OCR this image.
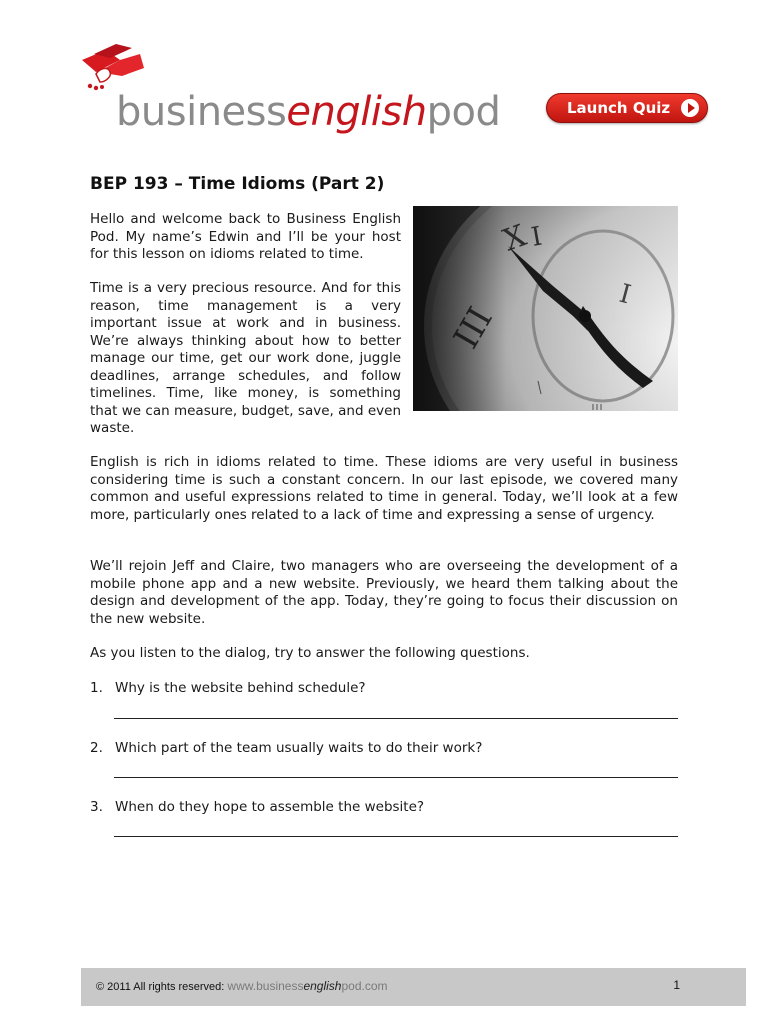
businessenglishpod	Launch Quiz
BEP 193 – Time Idioms (Part 2)

Hello and welcome back to Business English Pod. My name’s Edwin and I’ll be your host for this lesson on idioms related to time.

Time is a very precious resource. And for this reason, time management is a very important issue at work and in business. We’re always thinking about how to better manage our time, get our work done, juggle deadlines, arrange schedules, and follow timelines. Time, like money, is something that we can measure, budget, save, and even waste.

English is rich in idioms related to time. These idioms are very useful in business considering time is such a constant concern. In our last episode, we covered many common and useful expressions related to time in general. Today, we’ll look at a few more, particularly ones related to a lack of time and expressing a sense of urgency.

We’ll rejoin Jeff and Claire, two managers who are overseeing the development of a mobile phone app and a new website. Previously, we heard them talking about the design and development of the app. Today, they’re going to focus their discussion on the new website.

As you listen to the dialog, try to answer the following questions.

1. Why is the website behind schedule?
2. Which part of the team usually waits to do their work?
3. When do they hope to assemble the website?
© 2011 All rights reserved: www.businessenglishpod.com	1
